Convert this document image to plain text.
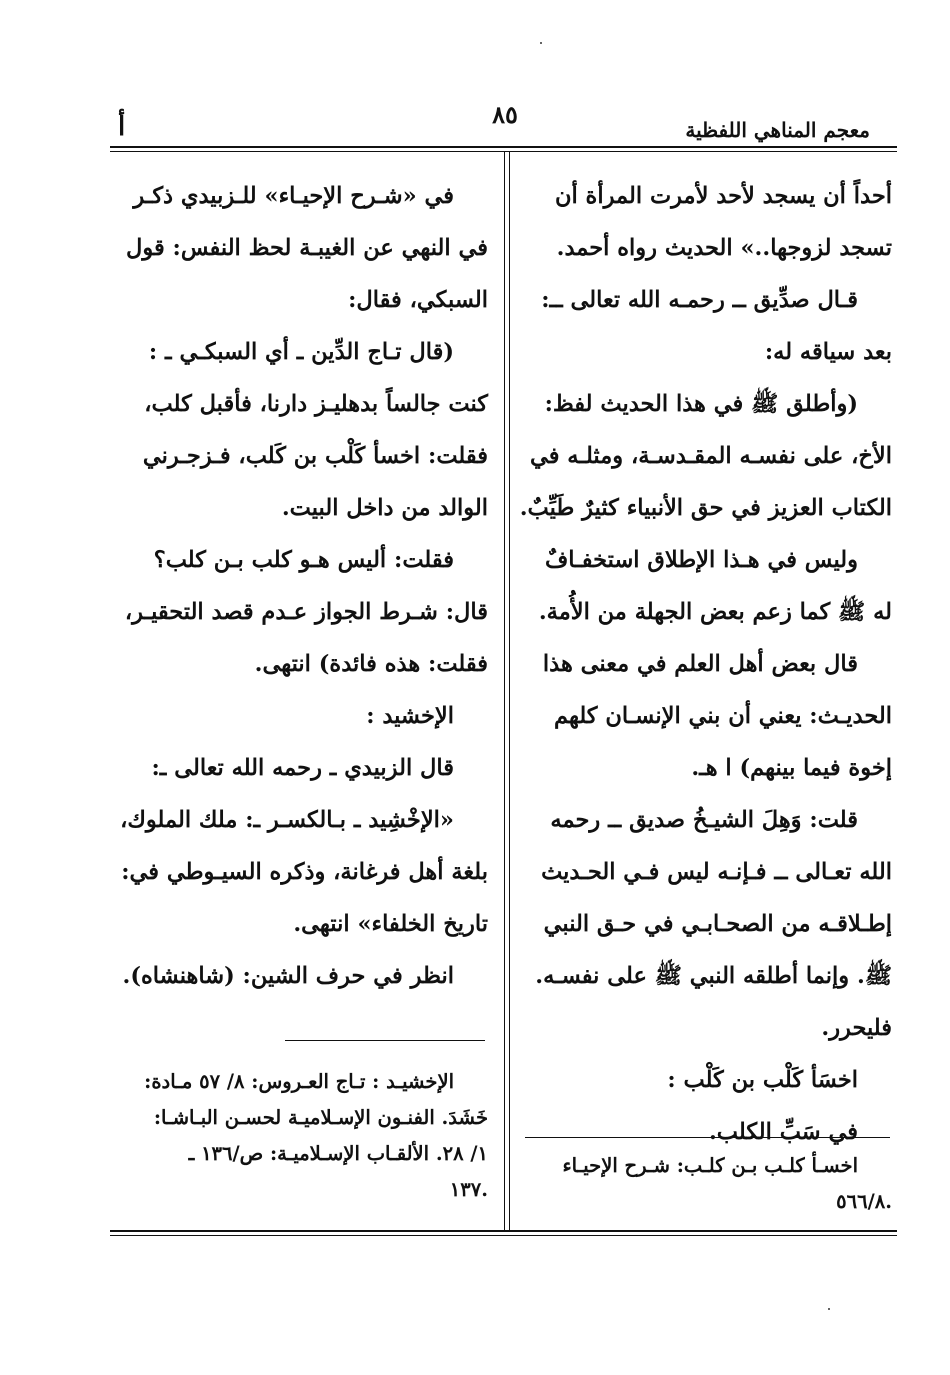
معجم المناهي اللفظية
٨٥
أ

أحداً أن يسجد لأحد لأمرت المرأة أن

تسجد لزوجها..» الحديث رواه أحمد.

قـال صدِّيق ــ رحمـه الله تعالى ــ:

بعد سياقه له:

(وأطلق ﷺ في هذا الحديث لفظ:

الأخ، على نفسـه المقـدسـة، ومثلـه في

الكتاب العزيز في حق الأنبياء كثيرٌ طَيِّبٌ.

وليس في هـذا الإطلاق استخفـافٌ

له ﷺ كما زعم بعض الجهلة من الأُمة.

قال بعض أهل العلم في معنى هذا

الحديـث: يعني أن بني الإنسـان كلهم

إخوة فيما بينهم) ا هـ.

قلت: وَهِلَ الشيـخُ صديق ــ رحمه

الله تعـالى ــ فـإنـه ليس فـي الحـديث

إطـلاقـه من الصحـابـي في حـق النبي

ﷺ. وإنما أطلقه النبي ﷺ على نفسـه.

فليحرر.

اخسَأ كَلْب بن كَلْب :

في سَبِّ الكلب.

اخسـأ كلـب بـن كلـب: شـرح الإحيـاء

.٥٦٦/٨

في «شـرح الإحيـاء» للـزبيدي ذكـر

في النهي عن الغيبـة لحظ النفس: قول

السبكي، فقال:

(قال تـاج الدِّين ـ أي السبكـي ـ :

كنت جالساً بدهليـز دارنا، فأقبل كلب،

فقلت: اخسأ كَلْب بن كَلب، فـزجـرني

الوالد من داخل البيت.

فقلت: أليس هـو كلب بـن كلب؟

قال: شـرط الجواز عـدم قصد التحقيـر،

فقلت: هذه فائدة) انتهى.

الإخشيد :

قال الزبيدي ـ رحمه الله تعالى ـ:

«الإخْشِيد ـ بـالكسـر ـ: ملك الملوك،

بلغة أهل فرغانة، وذكره السيـوطي في:

تاريخ الخلفاء» انتهى.

انظر في حرف الشين: (شاهنشاه).

الإخشيـد : تـاج العـروس: ٨/ ٥٧ مـادة:

خَشَدَ. الفنـون الإسـلاميـة لحسـن البـاشـا:

١/ ٢٨. الألقـاب الإسـلاميـة: ص/١٣٦ ـ

.١٣٧
